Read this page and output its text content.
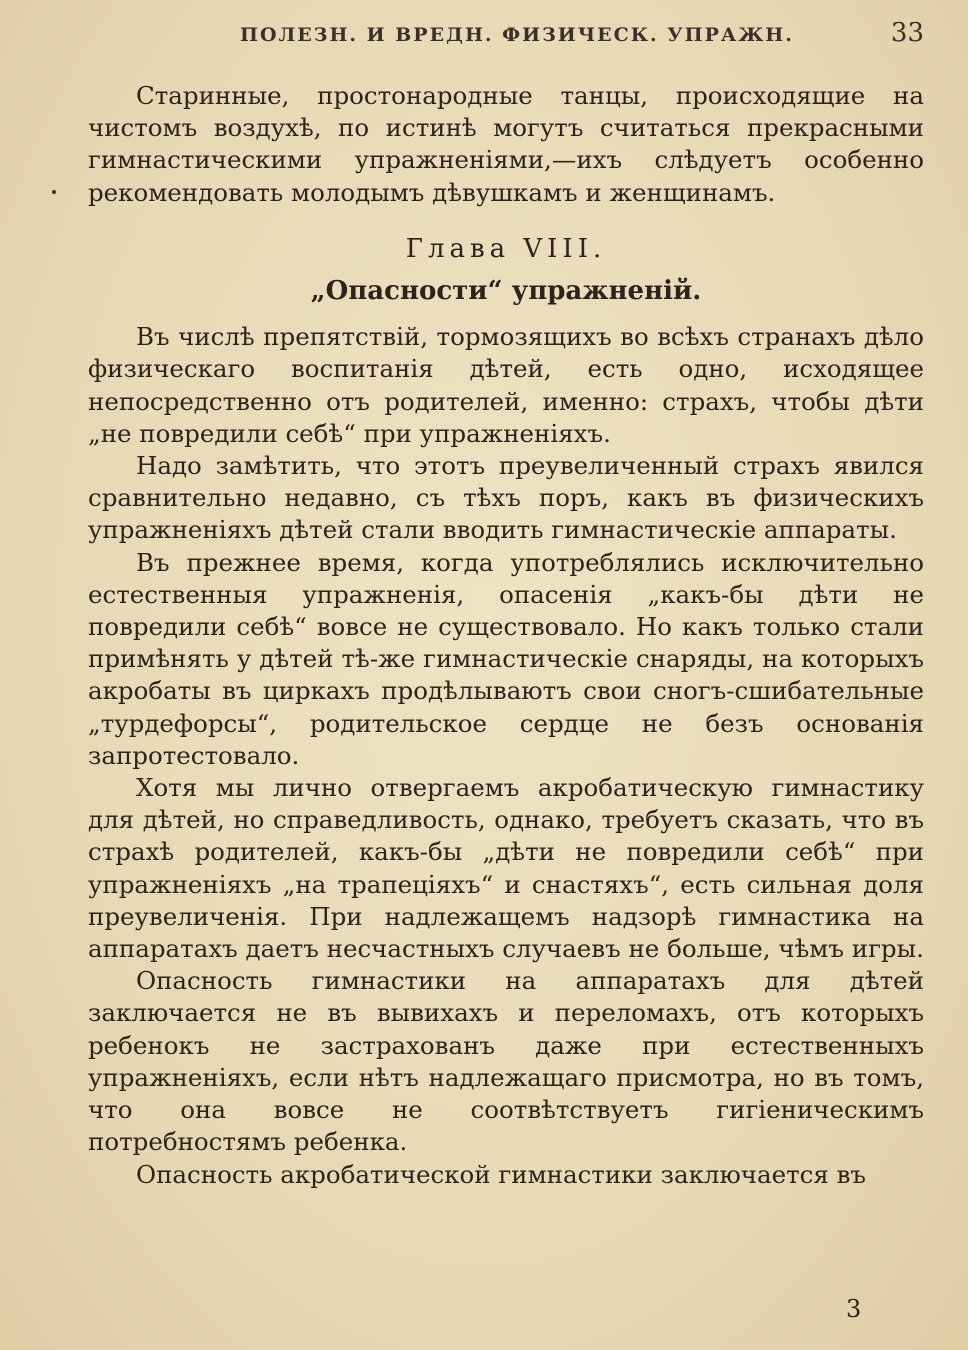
ПОЛЕЗН. И ВРЕДН. ФИЗИЧЕСК. УПРАЖН.	33

Старинные, простонародные танцы, происходящие на чистомъ воздухѣ, по истинѣ могутъ считаться прекрасными гимнастическими упражненіями,—ихъ слѣдуетъ особенно рекомендовать молодымъ дѣвушкамъ и женщинамъ.

Глава VIII.
„Опасности“ упражненій.

Въ числѣ препятствій, тормозящихъ во всѣхъ странахъ дѣло физическаго воспитанія дѣтей, есть одно, исходящее непосредственно отъ родителей, именно: страхъ, чтобы дѣти „не повредили себѣ“ при упражненіяхъ.

Надо замѣтить, что этотъ преувеличенный страхъ явился сравнительно недавно, съ тѣхъ поръ, какъ въ физическихъ упражненіяхъ дѣтей стали вводить гимнастическіе аппараты.

Въ прежнее время, когда употреблялись исключительно естественныя упражненія, опасенія „какъ-бы дѣти не повредили себѣ“ вовсе не существовало. Но какъ только стали примѣнять у дѣтей тѣ-же гимнастическіе снаряды, на которыхъ акробаты въ циркахъ продѣлываютъ свои сногъ-сшибательные „турдефорсы“, родительское сердце не безъ основанія запротестовало.

Хотя мы лично отвергаемъ акробатическую гимнастику для дѣтей, но справедливость, однако, требуетъ сказать, что въ страхѣ родителей, какъ-бы „дѣти не повредили себѣ“ при упражненіяхъ „на трапеціяхъ“ и снастяхъ“, есть сильная доля преувеличенія. При надлежащемъ надзорѣ гимнастика на аппаратахъ даетъ несчастныхъ случаевъ не больше, чѣмъ игры.

Опасность гимнастики на аппаратахъ для дѣтей заключается не въ вывихахъ и переломахъ, отъ которыхъ ребенокъ не застрахованъ даже при естественныхъ упражненіяхъ, если нѣтъ надлежащаго присмотра, но въ томъ, что она вовсе не соотвѣтствуетъ гигіеническимъ потребностямъ ребенка.

Опасность акробатической гимнастики заключается въ

3
